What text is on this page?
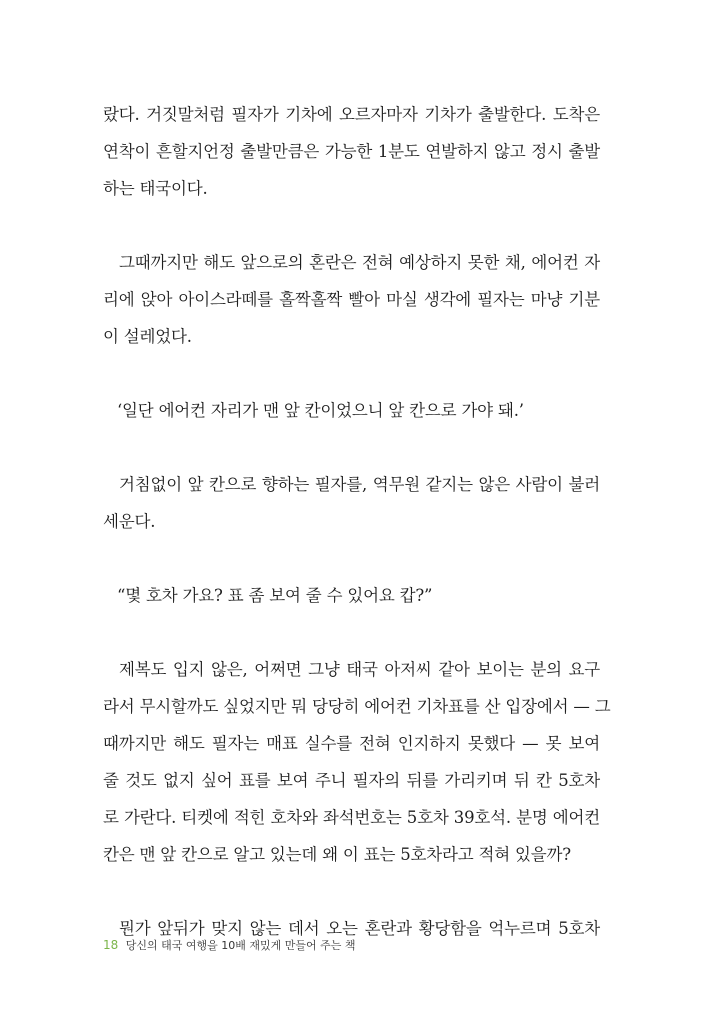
랐다. 거짓말처럼 필자가 기차에 오르자마자 기차가 출발한다. 도착은
연착이 흔할지언정 출발만큼은 가능한 1분도 연발하지 않고 정시 출발
하는 태국이다.
그때까지만 해도 앞으로의 혼란은 전혀 예상하지 못한 채, 에어컨 자
리에 앉아 아이스라떼를 홀짝홀짝 빨아 마실 생각에 필자는 마냥 기분
이 설레었다.
‘일단 에어컨 자리가 맨 앞 칸이었으니 앞 칸으로 가야 돼.’
거침없이 앞 칸으로 향하는 필자를, 역무원 같지는 않은 사람이 불러
세운다.
“몇 호차 가요? 표 좀 보여 줄 수 있어요 캅?”
제복도 입지 않은, 어쩌면 그냥 태국 아저씨 같아 보이는 분의 요구
라서 무시할까도 싶었지만 뭐 당당히 에어컨 기차표를 산 입장에서 — 그
때까지만 해도 필자는 매표 실수를 전혀 인지하지 못했다 — 못 보여
줄 것도 없지 싶어 표를 보여 주니 필자의 뒤를 가리키며 뒤 칸 5호차
로 가란다. 티켓에 적힌 호차와 좌석번호는 5호차 39호석. 분명 에어컨
칸은 맨 앞 칸으로 알고 있는데 왜 이 표는 5호차라고 적혀 있을까?
뭔가 앞뒤가 맞지 않는 데서 오는 혼란과 황당함을 억누르며 5호차
18 당신의 태국 여행을 10배 재밌게 만들어 주는 책
